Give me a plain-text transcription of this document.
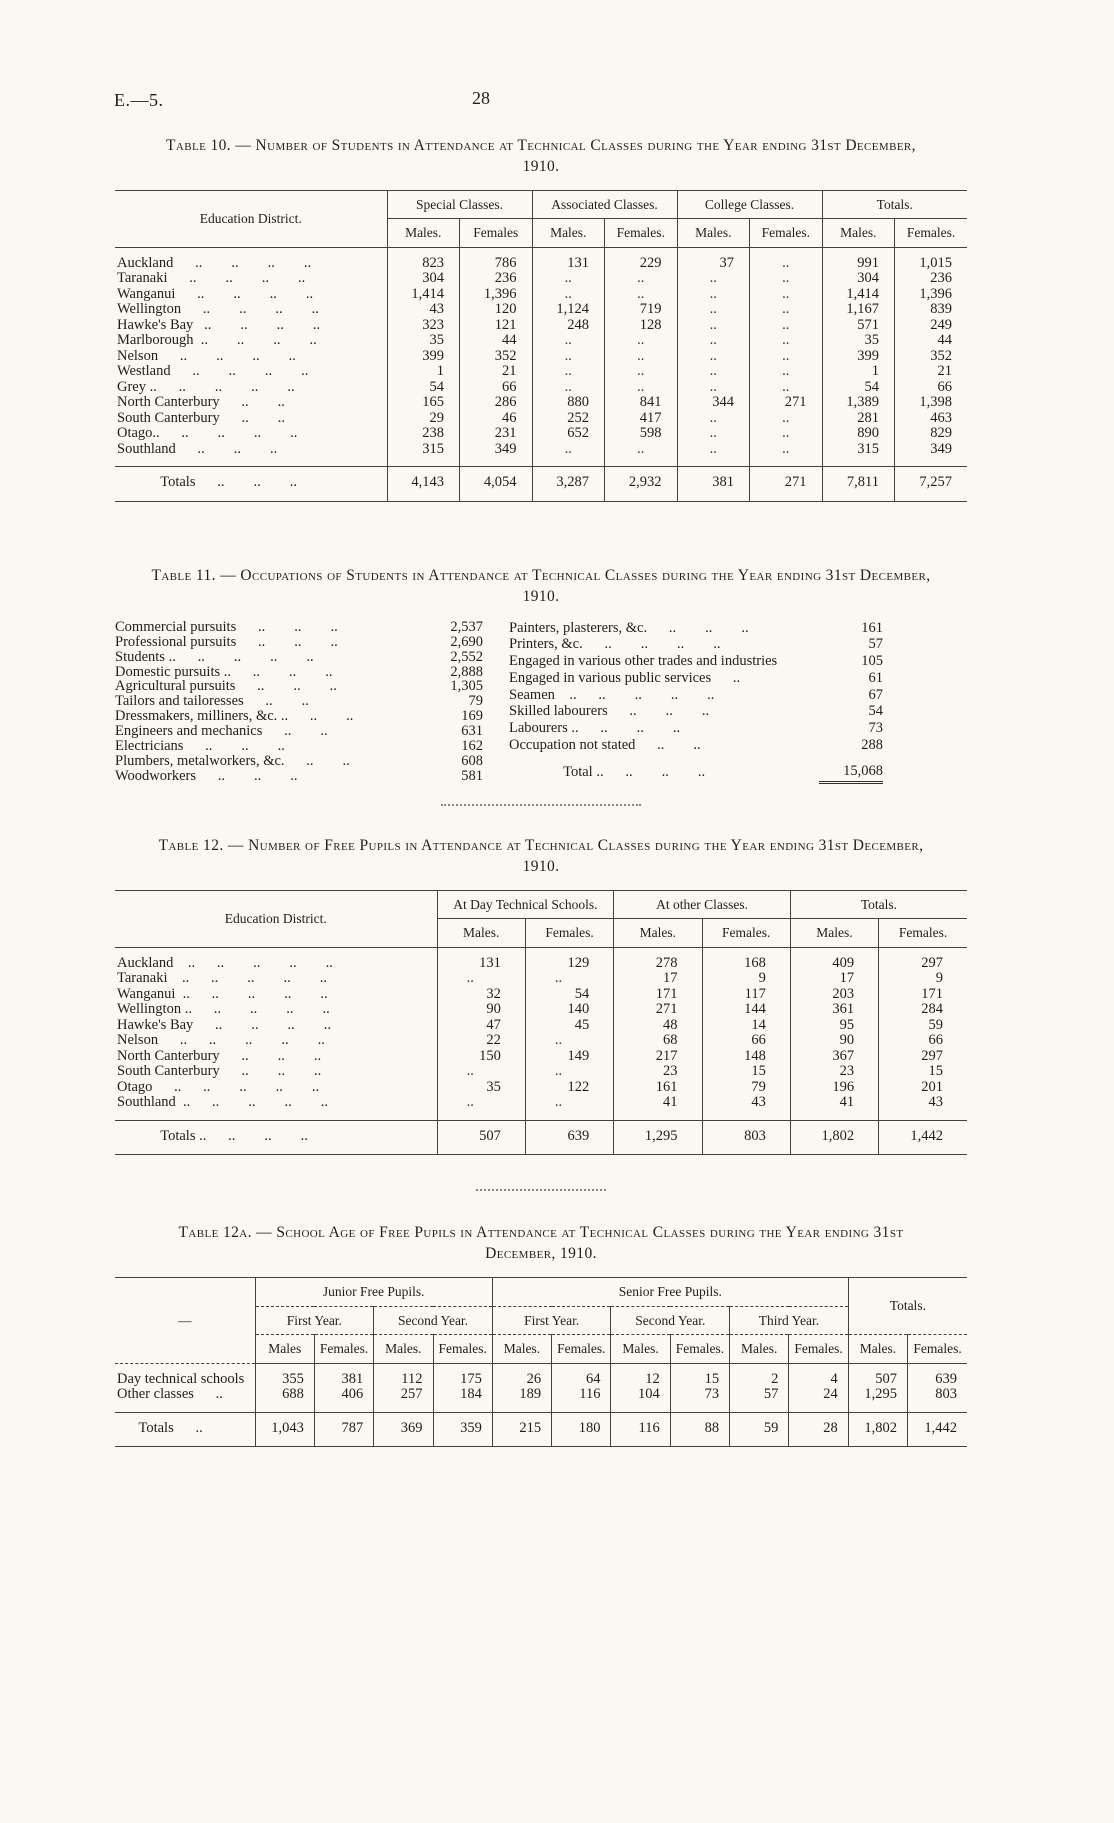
E.—5.	28

Table 10. — Number of Students in Attendance at Technical Classes during the Year ending 31st December, 1910.

Education District.	Special Classes.		Associated Classes.		College Classes.		Totals.	
	Males.	Females	Males.	Females.	Males.	Females.	Males.	Females.
Auckland      ..        ..        ..        ..	823	786	131	229	37	..	991	1,015
Taranaki      ..        ..        ..        ..	304	236	..	..	..	..	304	236
Wanganui      ..        ..        ..        ..	1,414	1,396	..	..	..	..	1,414	1,396
Wellington      ..        ..        ..        ..	43	120	1,124	719	..	..	1,167	839
Hawke's Bay   ..        ..        ..        ..	323	121	248	128	..	..	571	249
Marlborough  ..        ..        ..        ..	35	44	..	..	..	..	35	44
Nelson      ..        ..        ..        ..	399	352	..	..	..	..	399	352
Westland      ..        ..        ..        ..	1	21	..	..	..	..	1	21
Grey ..      ..        ..        ..        ..	54	66	..	..	..	..	54	66
North Canterbury      ..        ..	165	286	880	841	344	271	1,389	1,398
South Canterbury      ..        ..	29	46	252	417	..	..	281	463
Otago..      ..        ..        ..        ..	238	231	652	598	..	..	890	829
Southland      ..        ..        ..	315	349	..	..	..	..	315	349
Totals      ..        ..        ..	4,143	4,054	3,287	2,932	381	271	7,811	7,257

Table 11. — Occupations of Students in Attendance at Technical Classes during the Year ending 31st December, 1910.

Commercial pursuits      ..        ..        ..	2,537
Professional pursuits      ..        ..        ..	2,690
Students ..      ..        ..        ..        ..	2,552
Domestic pursuits ..      ..        ..        ..	2,888
Agricultural pursuits      ..        ..        ..	1,305
Tailors and tailoresses      ..        ..	79
Dressmakers, milliners, &c. ..      ..        ..	169
Engineers and mechanics      ..        ..	631
Electricians      ..        ..        ..	162
Plumbers, metalworkers, &c.      ..        ..	608
Woodworkers      ..        ..        ..	581
Painters, plasterers, &c.      ..        ..        ..	161
Printers, &c.      ..        ..        ..        ..	57
Engaged in various other trades and industries	105
Engaged in various public services      ..	61
Seamen    ..      ..        ..        ..        ..	67
Skilled labourers      ..        ..        ..	54
Labourers ..      ..        ..        ..	73
Occupation not stated      ..        ..	288
Total ..      ..        ..        ..	15,068

Table 12. — Number of Free Pupils in Attendance at Technical Classes during the Year ending 31st December, 1910.

Education District.	At Day Technical Schools.		At other Classes.		Totals.	
	Males.	Females.	Males.	Females.	Males.	Females.
Auckland    ..      ..        ..        ..        ..	131	129	278	168	409	297
Taranaki    ..      ..        ..        ..        ..	..	..	17	9	17	9
Wanganui  ..      ..        ..        ..        ..	32	54	171	117	203	171
Wellington ..      ..        ..        ..        ..	90	140	271	144	361	284
Hawke's Bay      ..        ..        ..        ..	47	45	48	14	95	59
Nelson      ..      ..        ..        ..        ..	22	..	68	66	90	66
North Canterbury      ..        ..        ..	150	149	217	148	367	297
South Canterbury      ..        ..        ..	..	..	23	15	23	15
Otago      ..      ..        ..        ..        ..	35	122	161	79	196	201
Southland  ..      ..        ..        ..        ..	..	..	41	43	41	43
Totals ..      ..        ..        ..	507	639	1,295	803	1,802	1,442

Table 12a. — School Age of Free Pupils in Attendance at Technical Classes during the Year ending 31st December, 1910.

—	Junior Free Pupils.				Senior Free Pupils.						Totals.	
	First Year.		Second Year.		First Year.		Second Year.		Third Year.			
	Males	Females.	Males.	Females.	Males.	Females.	Males.	Females.	Males.	Females.	Males.	Females.
Day technical schools	355	381	112	175	26	64	12	15	2	4	507	639
Other classes      ..	688	406	257	184	189	116	104	73	57	24	1,295	803
Totals      ..	1,043	787	369	359	215	180	116	88	59	28	1,802	1,442
